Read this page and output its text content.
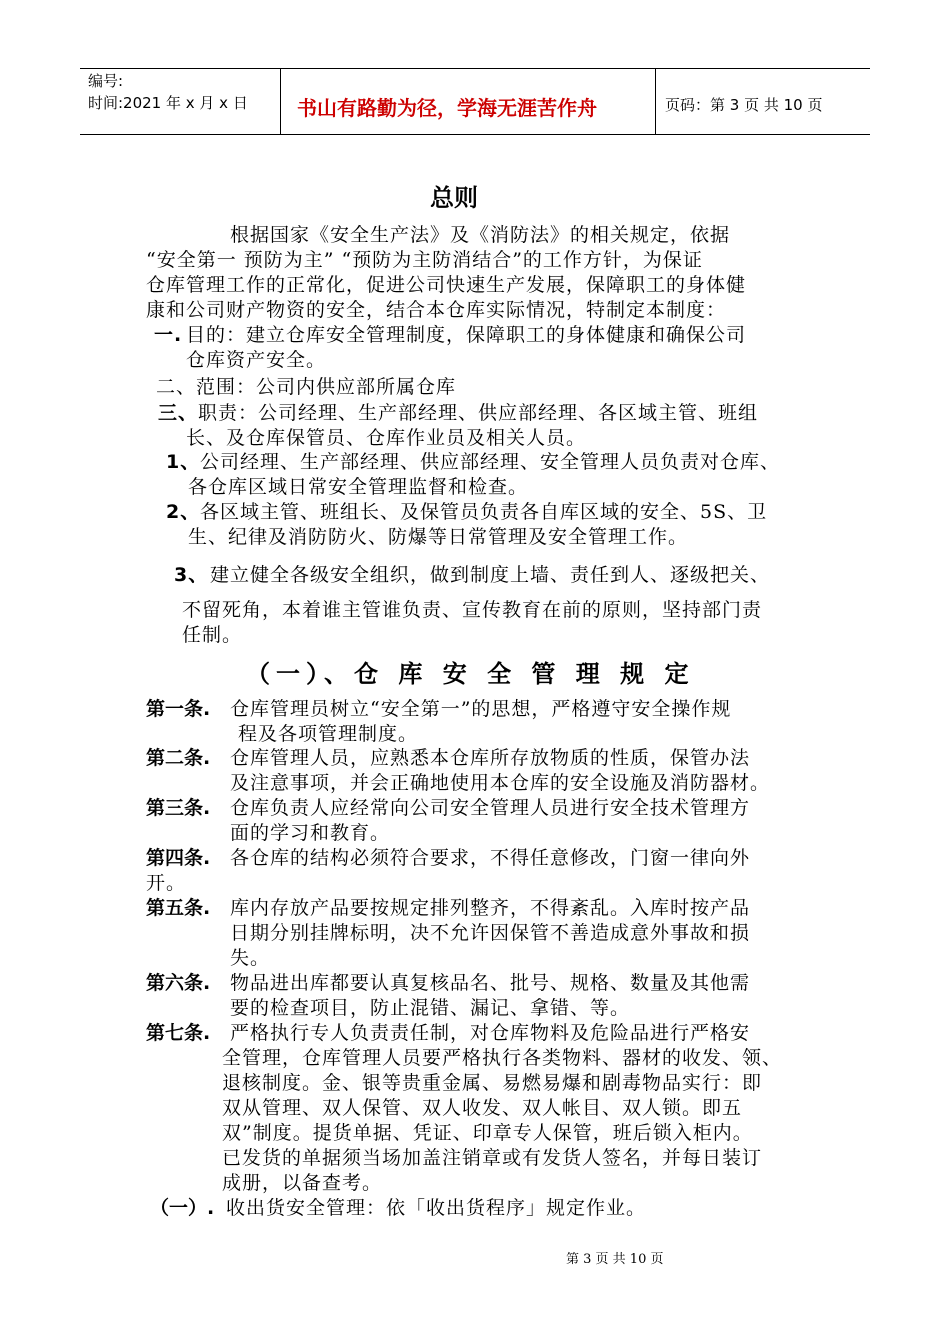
编号:
时间:2021 年 x 月 x 日 书山有路勤为径，学海无涯苦作舟	页码：第 3 页 共 10 页
总则
根据国家《安全生产法》及《消防法》的相关规定，依据
“安全第一 预防为主” “预防为主防消结合”的工作方针，为保证
仓库管理工作的正常化，促进公司快速生产发展，保障职工的身体健
康和公司财产物资的安全，结合本仓库实际情况，特制定本制度：
一. 目的：建立仓库安全管理制度，保障职工的身体健康和确保公司
仓库资产安全。
二、范围：公司内供应部所属仓库
三、 职责：公司经理、生产部经理、供应部经理、各区域主管、班组
长、及仓库保管员、仓库作业员及相关人员。
1、 公司经理、生产部经理、供应部经理、安全管理人员负责对仓库、
各仓库区域日常安全管理监督和检查。
2、 各区域主管、班组长、及保管员负责各自库区域的安全、5S、卫
生、纪律及消防防火、防爆等日常管理及安全管理工作。
3、 建立健全各级安全组织，做到制度上墙、责任到人、逐级把关、
不留死角，本着谁主管谁负责、宣传教育在前的原则，坚持部门责
任制。
（一）、仓 库 安 全 管 理 规 定
第一条. 仓库管理员树立“安全第一”的思想，严格遵守安全操作规
程及各项管理制度。
第二条. 仓库管理人员，应熟悉本仓库所存放物质的性质，保管办法
及注意事项，并会正确地使用本仓库的安全设施及消防器材。
第三条. 仓库负责人应经常向公司安全管理人员进行安全技术管理方
面的学习和教育。
第四条. 各仓库的结构必须符合要求，不得任意修改，门窗一律向外
开。
第五条. 库内存放产品要按规定排列整齐，不得紊乱。入库时按产品
日期分别挂牌标明，决不允许因保管不善造成意外事故和损
失。
第六条. 物品进出库都要认真复核品名、批号、规格、数量及其他需
要的检查项目，防止混错、漏记、拿错、等。
第七条. 严格执行专人负责责任制，对仓库物料及危险品进行严格安
全管理，仓库管理人员要严格执行各类物料、器材的收发、领、
退核制度。金、银等贵重金属、易燃易爆和剧毒物品实行：即
双从管理、双人保管、双人收发、双人帐目、双人锁。即五
双”制度。提货单据、凭证、印章专人保管，班后锁入柜内。
已发货的单据须当场加盖注销章或有发货人签名，并每日装订
成册，以备查考。
（一）. 收出货安全管理：依「收出货程序」规定作业。
第 3 页 共 10 页
